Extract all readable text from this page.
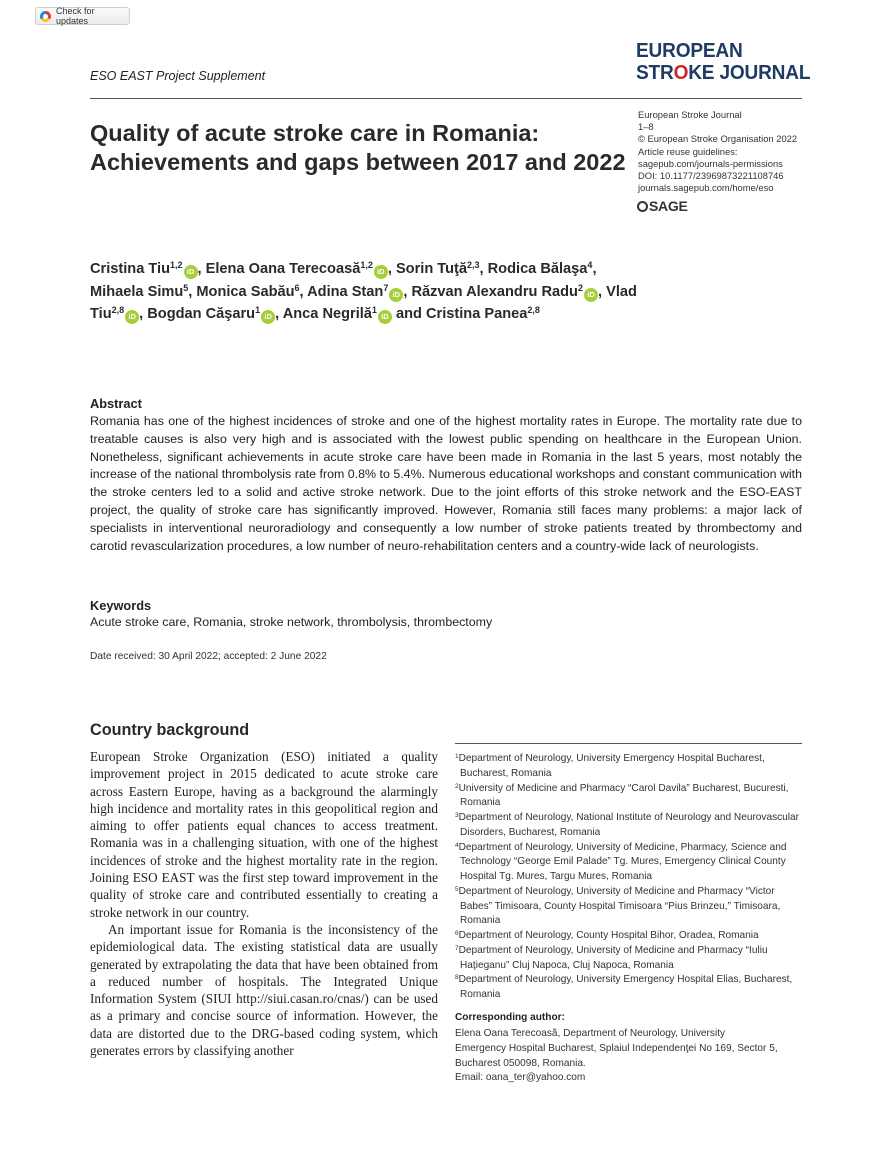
Check for updates
ESO EAST Project Supplement
EUROPEAN
STROKE JOURNAL
European Stroke Journal
1–8
© European Stroke Organisation 2022
Article reuse guidelines:
sagepub.com/journals-permissions
DOI: 10.1177/23969873221108746
journals.sagepub.com/home/eso
SAGE
Quality of acute stroke care in Romania: Achievements and gaps between 2017 and 2022
Cristina Tiu$^{1,2}$iD , Elena Oana Terecoasă$^{1,2}$iD , Sorin Tuţă$^{2,3}$, Rodica Bălaşa$^4$, Mihaela Simu$^5$, Monica Sabău$^6$, Adina Stan$^7$iD , Răzvan Alexandru Radu$^2$iD , Vlad Tiu$^{2,8}$iD , Bogdan Căşaru$^1$iD , Anca Negrilă$^1$iD and Cristina Panea$^{2,8}$
Abstract
Romania has one of the highest incidences of stroke and one of the highest mortality rates in Europe. The mortality rate due to treatable causes is also very high and is associated with the lowest public spending on healthcare in the European Union. Nonetheless, significant achievements in acute stroke care have been made in Romania in the last 5 years, most notably the increase of the national thrombolysis rate from 0.8% to 5.4%. Numerous educational workshops and constant communication with the stroke centers led to a solid and active stroke network. Due to the joint efforts of this stroke network and the ESO-EAST project, the quality of stroke care has significantly improved. However, Romania still faces many problems: a major lack of specialists in interventional neuroradiology and consequently a low number of stroke patients treated by thrombectomy and carotid revascularization procedures, a low number of neuro-rehabilitation centers and a country-wide lack of neurologists.
Keywords
Acute stroke care, Romania, stroke network, thrombolysis, thrombectomy
Date received: 30 April 2022; accepted: 2 June 2022
Country background

European Stroke Organization (ESO) initiated a quality improvement project in 2015 dedicated to acute stroke care across Eastern Europe, having as a background the alarmingly high incidence and mortality rates in this geopolitical region and aiming to offer patients equal chances to access treatment. Romania was in a challenging situation, with one of the highest incidences of stroke and the highest mortality rate in the region. Joining ESO EAST was the first step toward improvement in the quality of stroke care and contributed essentially to creating a stroke network in our country.

An important issue for Romania is the inconsistency of the epidemiological data. The existing statistical data are usually generated by extrapolating the data that have been obtained from a reduced number of hospitals. The Integrated Unique Information System (SIUI http://siui.casan.ro/cnas/) can be used as a primary and concise source of information. However, the data are distorted due to the DRG-based coding system, which generates errors by classifying another

$^1$Department of Neurology, University Emergency Hospital Bucharest, Bucharest, Romania
$^2$University of Medicine and Pharmacy “Carol Davila” Bucharest, Bucuresti, Romania
$^3$Department of Neurology, National Institute of Neurology and Neurovascular Disorders, Bucharest, Romania
$^4$Department of Neurology, University of Medicine, Pharmacy, Science and Technology “George Emil Palade” Tg. Mures, Emergency Clinical County Hospital Tg. Mures, Targu Mures, Romania
$^5$Department of Neurology, University of Medicine and Pharmacy “Victor Babes” Timisoara, County Hospital Timisoara “Pius Brinzeu,” Timisoara, Romania
$^6$Department of Neurology, County Hospital Bihor, Oradea, Romania
$^7$Department of Neurology, University of Medicine and Pharmacy “Iuliu Haţieganu” Cluj Napoca, Cluj Napoca, Romania
$^8$Department of Neurology, University Emergency Hospital Elias, Bucharest, Romania
Corresponding author:
Elena Oana Terecoasă, Department of Neurology, University
Emergency Hospital Bucharest, Splaiul Independenţei No 169, Sector 5,
Bucharest 050098, Romania.
Email: oana_ter@yahoo.com
